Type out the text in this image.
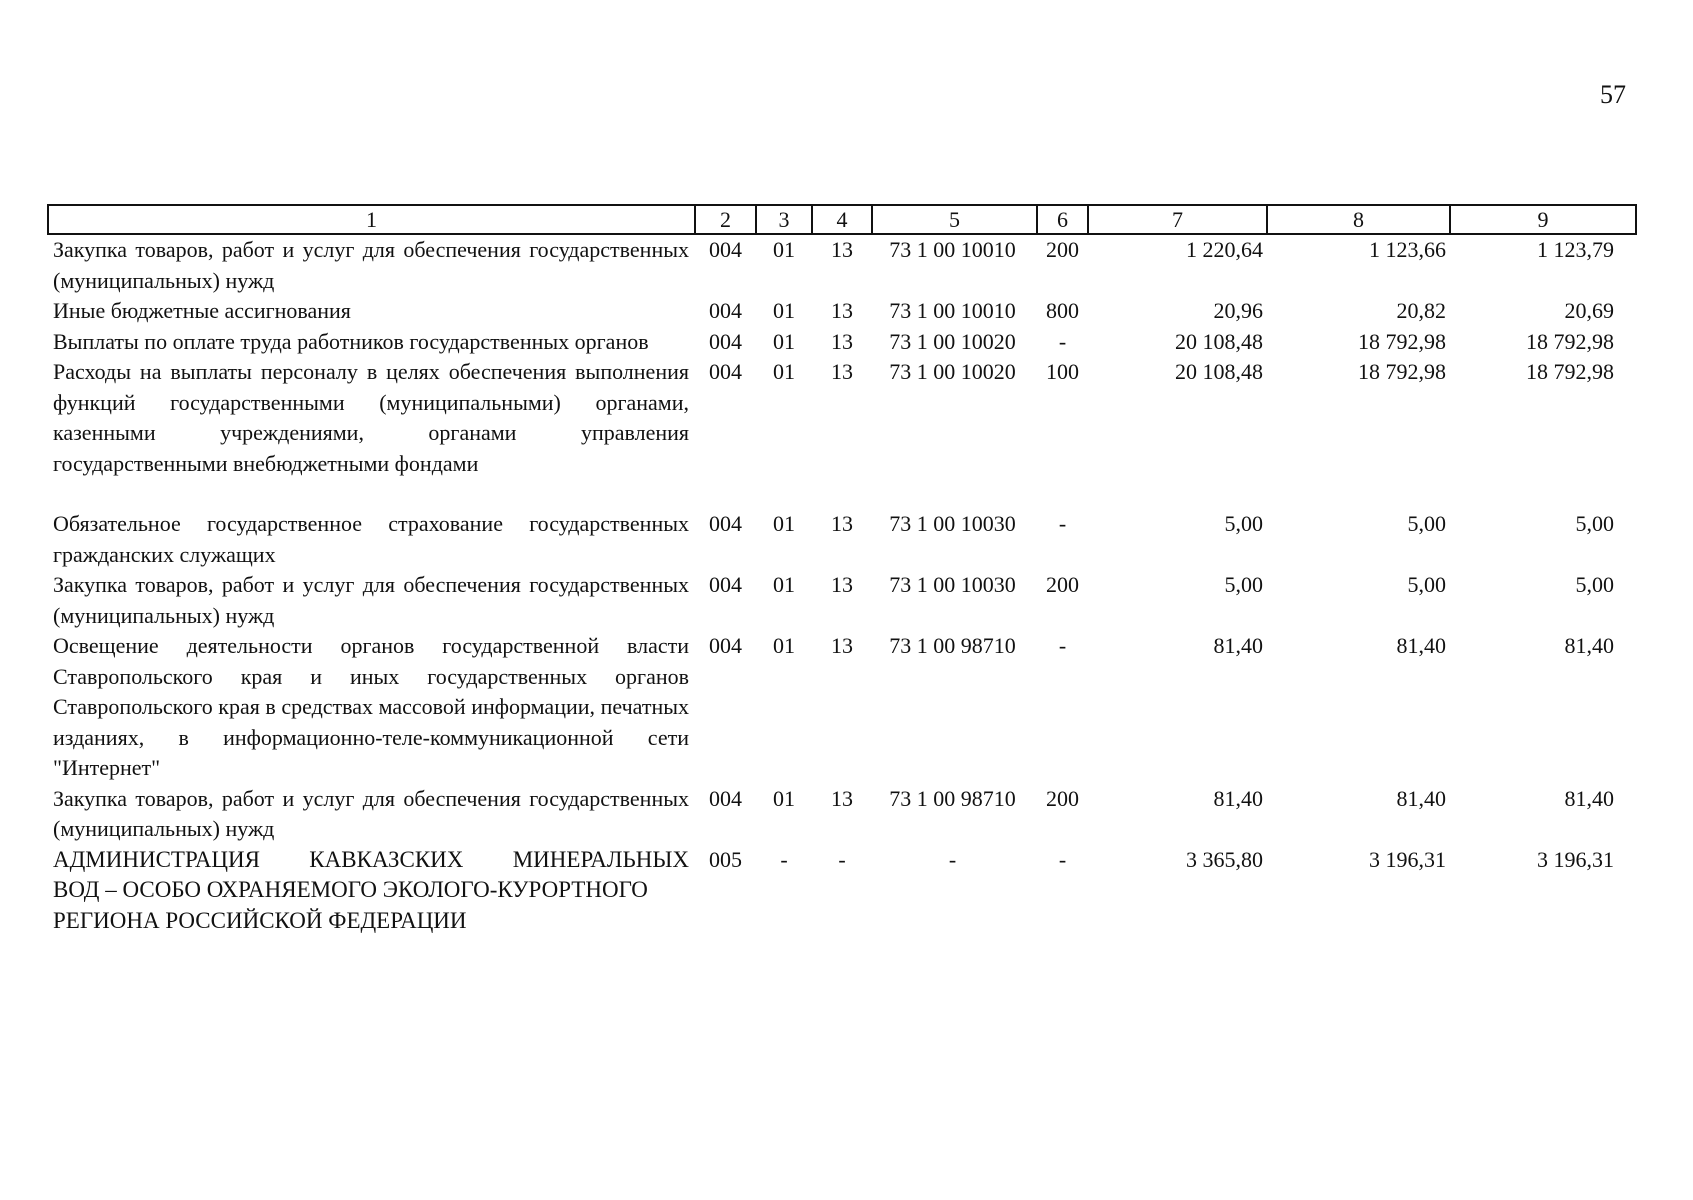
57
1	2	3	4	5	6	7	8	9
Закупка товаров, работ и услуг для обеспечения государственных (муниципальных) нужд	004	01	13	73 1 00 10010	200	1 220,64	1 123,66	1 123,79
Иные бюджетные ассигнования	004	01	13	73 1 00 10010	800	20,96	20,82	20,69
Выплаты по оплате труда работников государственных органов	004	01	13	73 1 00 10020	-	20 108,48	18 792,98	18 792,98
Расходы на выплаты персоналу в целях обеспечения выполнения функций государственными (муниципальными) органами, казенными учреждениями, органами управления государственными внебюджетными фондами	004	01	13	73 1 00 10020	100	20 108,48	18 792,98	18 792,98
Обязательное государственное страхование государственных гражданских служащих	004	01	13	73 1 00 10030	-	5,00	5,00	5,00
Закупка товаров, работ и услуг для обеспечения государственных (муниципальных) нужд	004	01	13	73 1 00 10030	200	5,00	5,00	5,00
Освещение деятельности органов государственной власти Ставропольского края и иных государственных органов Ставропольского края в средствах массовой информации, печатных изданиях, в информационно-теле-коммуникационной сети "Интернет"	004	01	13	73 1 00 98710	-	81,40	81,40	81,40
Закупка товаров, работ и услуг для обеспечения государственных (муниципальных) нужд	004	01	13	73 1 00 98710	200	81,40	81,40	81,40

АДМИНИСТРАЦИЯ КАВКАЗСКИХ МИНЕРАЛЬНЫХ
ВОД – ОСОБО ОХРАНЯЕМОГО ЭКОЛОГО-КУРОРТНОГО
РЕГИОНА РОССИЙСКОЙ ФЕДЕРАЦИИ	005	-	-	-	-	3 365,80	3 196,31	3 196,31
